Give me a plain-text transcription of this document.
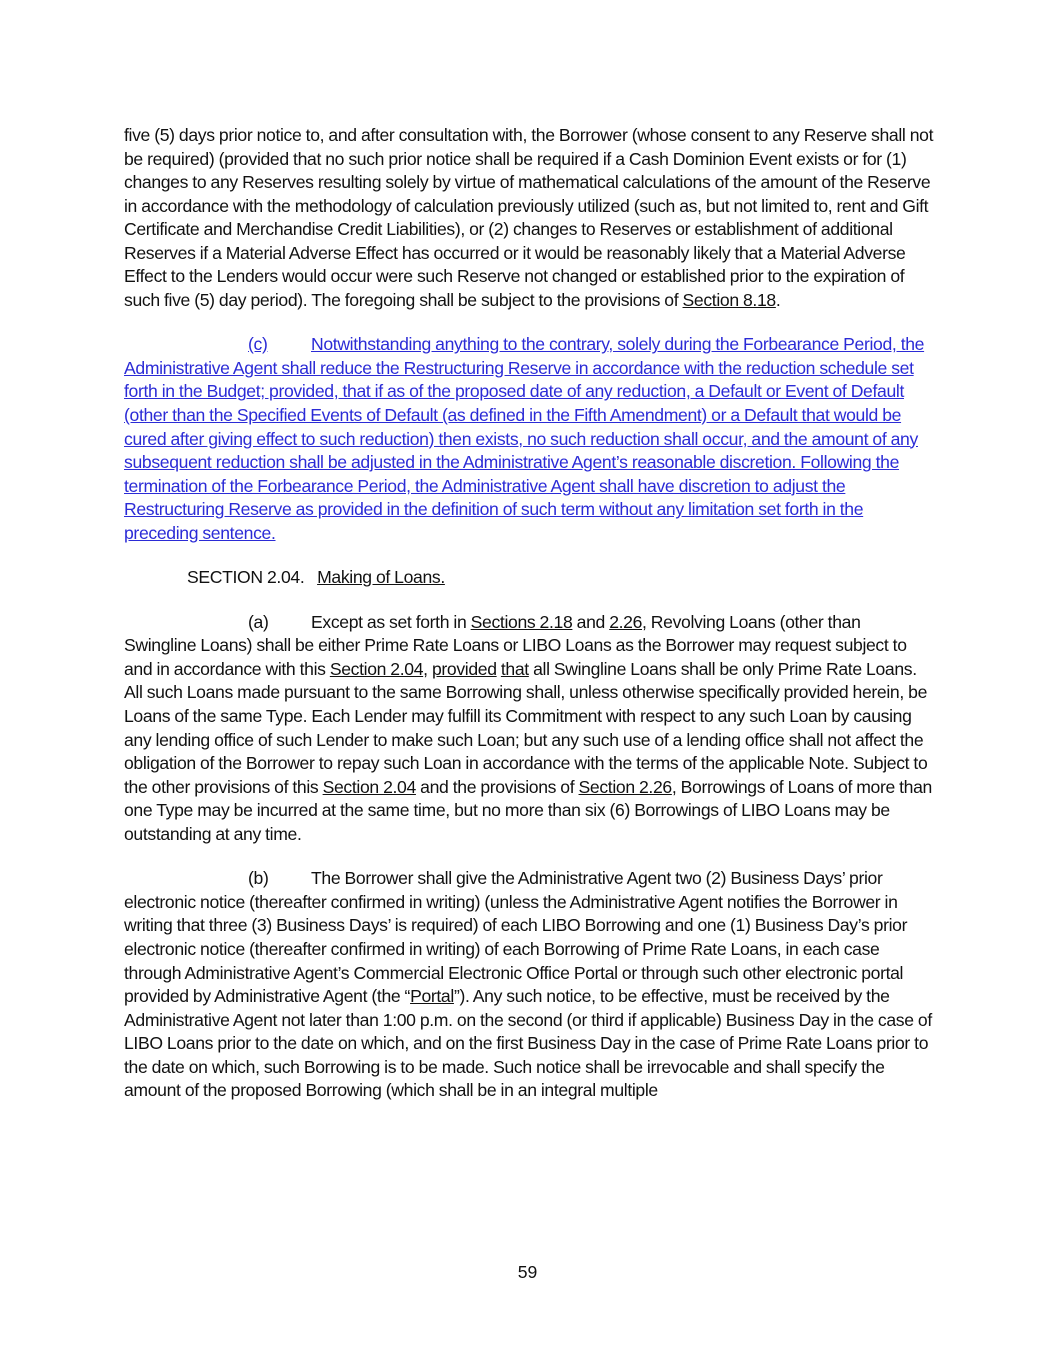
five (5) days prior notice to, and after consultation with, the Borrower (whose consent to any Reserve shall not be required) (provided that no such prior notice shall be required if a Cash Dominion Event exists or for (1) changes to any Reserves resulting solely by virtue of mathematical calculations of the amount of the Reserve in accordance with the methodology of calculation previously utilized (such as, but not limited to, rent and Gift Certificate and Merchandise Credit Liabilities), or (2) changes to Reserves or establishment of additional Reserves if a Material Adverse Effect has occurred or it would be reasonably likely that a Material Adverse Effect to the Lenders would occur were such Reserve not changed or established prior to the expiration of such five (5) day period). The foregoing shall be subject to the provisions of Section 8.18.

(c) Notwithstanding anything to the contrary, solely during the Forbearance Period, the Administrative Agent shall reduce the Restructuring Reserve in accordance with the reduction schedule set forth in the Budget; provided, that if as of the proposed date of any reduction, a Default or Event of Default (other than the Specified Events of Default (as defined in the Fifth Amendment) or a Default that would be cured after giving effect to such reduction) then exists, no such reduction shall occur, and the amount of any subsequent reduction shall be adjusted in the Administrative Agent’s reasonable discretion. Following the termination of the Forbearance Period, the Administrative Agent shall have discretion to adjust the Restructuring Reserve as provided in the definition of such term without any limitation set forth in the preceding sentence.

SECTION 2.04. Making of Loans.

(a) Except as set forth in Sections 2.18 and 2.26, Revolving Loans (other than Swingline Loans) shall be either Prime Rate Loans or LIBO Loans as the Borrower may request subject to and in accordance with this Section 2.04, provided that all Swingline Loans shall be only Prime Rate Loans. All such Loans made pursuant to the same Borrowing shall, unless otherwise specifically provided herein, be Loans of the same Type. Each Lender may fulfill its Commitment with respect to any such Loan by causing any lending office of such Lender to make such Loan; but any such use of a lending office shall not affect the obligation of the Borrower to repay such Loan in accordance with the terms of the applicable Note. Subject to the other provisions of this Section 2.04 and the provisions of Section 2.26, Borrowings of Loans of more than one Type may be incurred at the same time, but no more than six (6) Borrowings of LIBO Loans may be outstanding at any time.

(b) The Borrower shall give the Administrative Agent two (2) Business Days’ prior electronic notice (thereafter confirmed in writing) (unless the Administrative Agent notifies the Borrower in writing that three (3) Business Days’ is required) of each LIBO Borrowing and one (1) Business Day’s prior electronic notice (thereafter confirmed in writing) of each Borrowing of Prime Rate Loans, in each case through Administrative Agent’s Commercial Electronic Office Portal or through such other electronic portal provided by Administrative Agent (the “Portal”). Any such notice, to be effective, must be received by the Administrative Agent not later than 1:00 p.m. on the second (or third if applicable) Business Day in the case of LIBO Loans prior to the date on which, and on the first Business Day in the case of Prime Rate Loans prior to the date on which, such Borrowing is to be made. Such notice shall be irrevocable and shall specify the amount of the proposed Borrowing (which shall be in an integral multiple

59
